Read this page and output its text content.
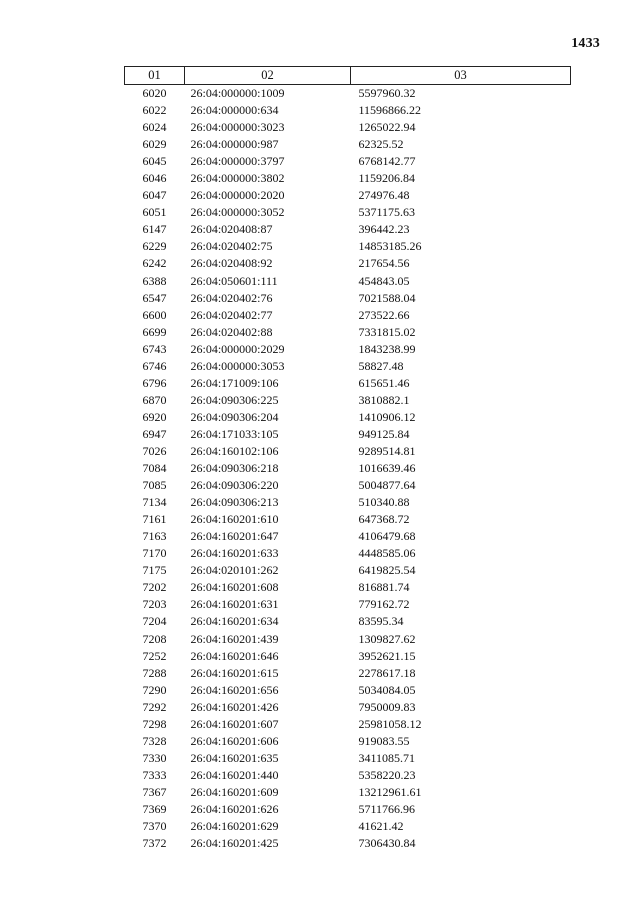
1433
01	02	03
6020	26:04:000000:1009	5597960.32
6022	26:04:000000:634	11596866.22
6024	26:04:000000:3023	1265022.94
6029	26:04:000000:987	62325.52
6045	26:04:000000:3797	6768142.77
6046	26:04:000000:3802	1159206.84
6047	26:04:000000:2020	274976.48
6051	26:04:000000:3052	5371175.63
6147	26:04:020408:87	396442.23
6229	26:04:020402:75	14853185.26
6242	26:04:020408:92	217654.56
6388	26:04:050601:111	454843.05
6547	26:04:020402:76	7021588.04
6600	26:04:020402:77	273522.66
6699	26:04:020402:88	7331815.02
6743	26:04:000000:2029	1843238.99
6746	26:04:000000:3053	58827.48
6796	26:04:171009:106	615651.46
6870	26:04:090306:225	3810882.1
6920	26:04:090306:204	1410906.12
6947	26:04:171033:105	949125.84
7026	26:04:160102:106	9289514.81
7084	26:04:090306:218	1016639.46
7085	26:04:090306:220	5004877.64
7134	26:04:090306:213	510340.88
7161	26:04:160201:610	647368.72
7163	26:04:160201:647	4106479.68
7170	26:04:160201:633	4448585.06
7175	26:04:020101:262	6419825.54
7202	26:04:160201:608	816881.74
7203	26:04:160201:631	779162.72
7204	26:04:160201:634	83595.34
7208	26:04:160201:439	1309827.62
7252	26:04:160201:646	3952621.15
7288	26:04:160201:615	2278617.18
7290	26:04:160201:656	5034084.05
7292	26:04:160201:426	7950009.83
7298	26:04:160201:607	25981058.12
7328	26:04:160201:606	919083.55
7330	26:04:160201:635	3411085.71
7333	26:04:160201:440	5358220.23
7367	26:04:160201:609	13212961.61
7369	26:04:160201:626	5711766.96
7370	26:04:160201:629	41621.42
7372	26:04:160201:425	7306430.84
